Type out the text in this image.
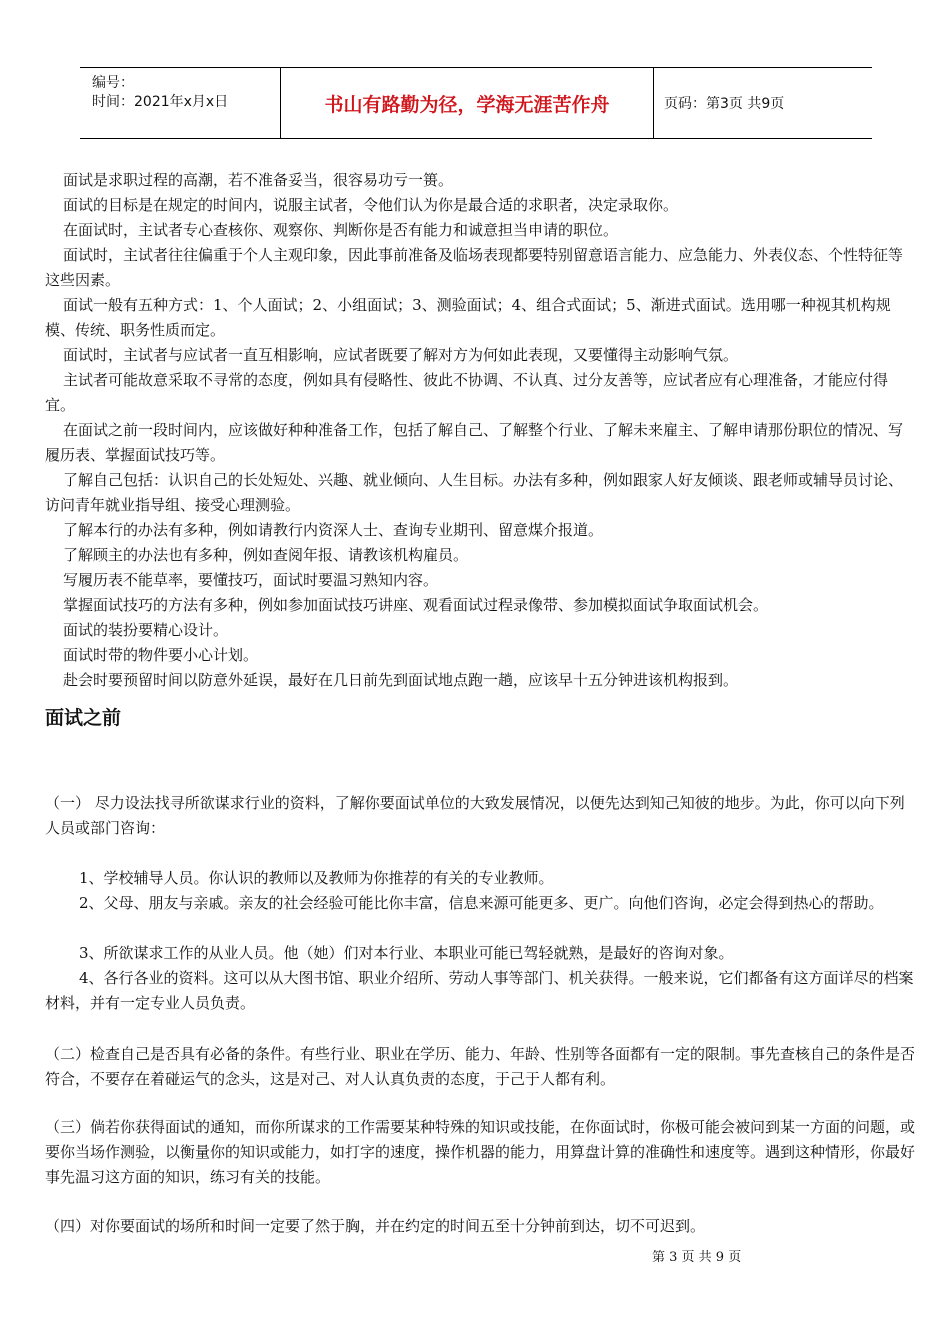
编号：
时间：2021年x月x日	书山有路勤为径，学海无涯苦作舟	页码：第3页 共9页

面试是求职过程的高潮，若不准备妥当，很容易功亏一篑。

面试的目标是在规定的时间内，说服主试者，令他们认为你是最合适的求职者，决定录取你。

在面试时，主试者专心查核你、观察你、判断你是否有能力和诚意担当申请的职位。

面试时，主试者往往偏重于个人主观印象，因此事前准备及临场表现都要特别留意语言能力、应急能力、外表仪态、个性特征等这些因素。

面试一般有五种方式：1、个人面试；2、小组面试；3、测验面试；4、组合式面试；5、渐进式面试。选用哪一种视其机构规模、传统、职务性质而定。

面试时，主试者与应试者一直互相影响，应试者既要了解对方为何如此表现，又要懂得主动影响气氛。

主试者可能故意采取不寻常的态度，例如具有侵略性、彼此不协调、不认真、过分友善等，应试者应有心理准备，才能应付得宜。

在面试之前一段时间内，应该做好种种准备工作，包括了解自己、了解整个行业、了解未来雇主、了解申请那份职位的情况、写履历表、掌握面试技巧等。

了解自己包括：认识自己的长处短处、兴趣、就业倾向、人生目标。办法有多种，例如跟家人好友倾谈、跟老师或辅导员讨论、访问青年就业指导组、接受心理测验。

了解本行的办法有多种，例如请教行内资深人士、查询专业期刊、留意煤介报道。

了解顾主的办法也有多种，例如查阅年报、请教该机构雇员。

写履历表不能草率，要懂技巧，面试时要温习熟知内容。

掌握面试技巧的方法有多种，例如参加面试技巧讲座、观看面试过程录像带、参加模拟面试争取面试机会。

面试的装扮要精心设计。

面试时带的物件要小心计划。

赴会时要预留时间以防意外延误，最好在几日前先到面试地点跑一趟，应该早十五分钟进该机构报到。

面试之前

（一） 尽力设法找寻所欲谋求行业的资料，了解你要面试单位的大致发展情况，以便先达到知己知彼的地步。为此，你可以向下列人员或部门咨询：

1、学校辅导人员。你认识的教师以及教师为你推荐的有关的专业教师。

2、父母、朋友与亲戚。亲友的社会经验可能比你丰富，信息来源可能更多、更广。向他们咨询，必定会得到热心的帮助。

3、所欲谋求工作的从业人员。他（她）们对本行业、本职业可能已驾轻就熟，是最好的咨询对象。

4、各行各业的资料。这可以从大图书馆、职业介绍所、劳动人事等部门、机关获得。一般来说，它们都备有这方面详尽的档案材料，并有一定专业人员负责。

（二）检查自己是否具有必备的条件。有些行业、职业在学历、能力、年龄、性别等各面都有一定的限制。事先查核自己的条件是否符合，不要存在着碰运气的念头，这是对己、对人认真负责的态度，于己于人都有利。

（三）倘若你获得面试的通知，而你所谋求的工作需要某种特殊的知识或技能，在你面试时，你极可能会被问到某一方面的问题，或要你当场作测验，以衡量你的知识或能力，如打字的速度，操作机器的能力，用算盘计算的准确性和速度等。遇到这种情形，你最好事先温习这方面的知识，练习有关的技能。

（四）对你要面试的场所和时间一定要了然于胸，并在约定的时间五至十分钟前到达，切不可迟到。

第 3 页 共 9 页
